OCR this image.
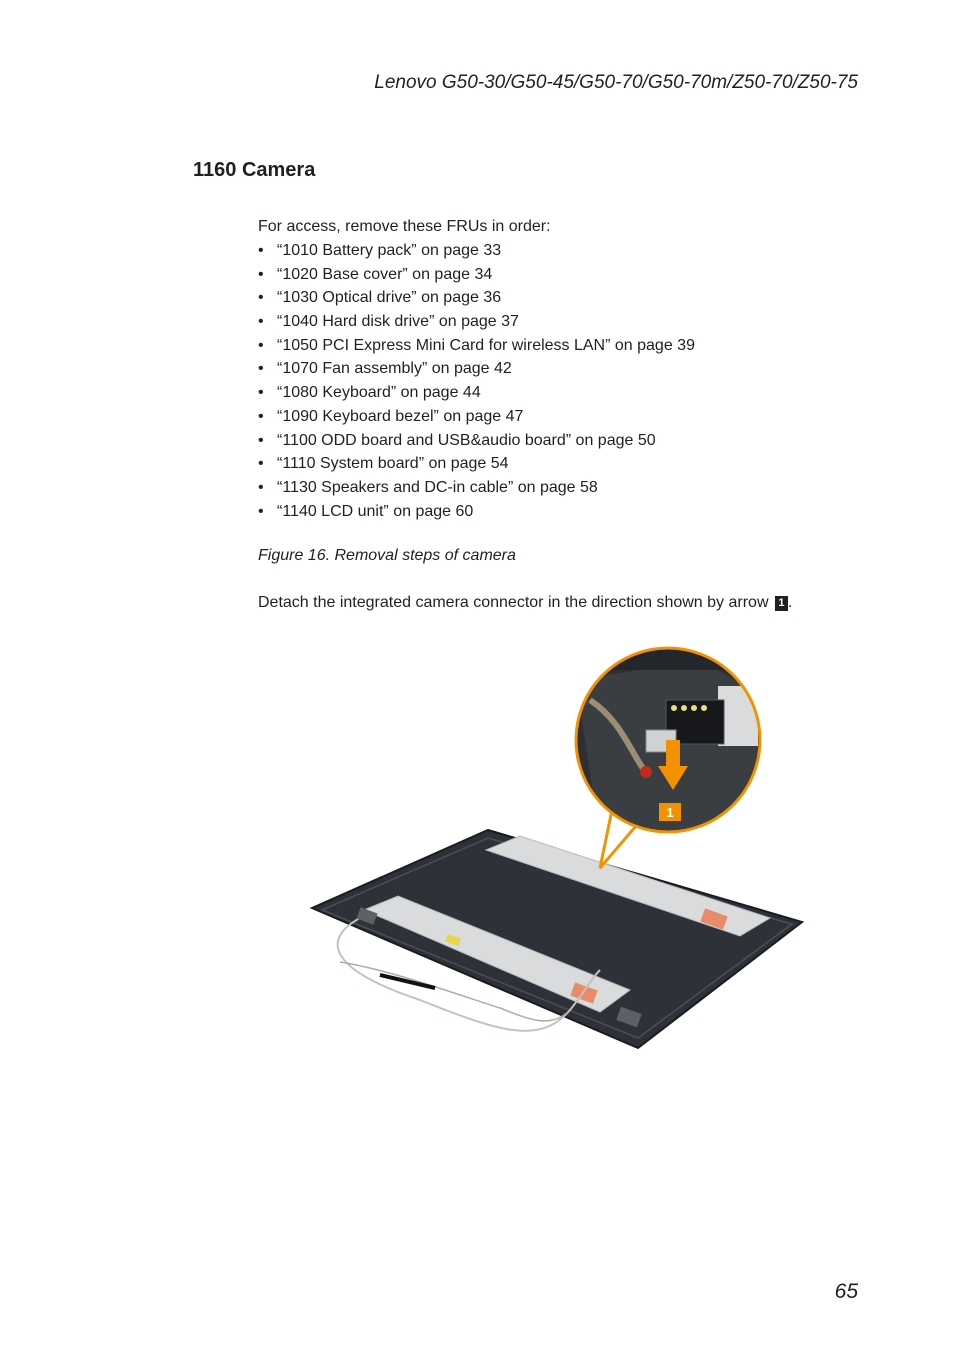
Lenovo G50-30/G50-45/G50-70/G50-70m/Z50-70/Z50-75
1160 Camera
For access, remove these FRUs in order:
• “1010 Battery pack” on page 33
• “1020 Base cover” on page 34
• “1030 Optical drive” on page 36
• “1040 Hard disk drive” on page 37
• “1050 PCI Express Mini Card for wireless LAN” on page 39
• “1070 Fan assembly” on page 42
• “1080 Keyboard” on page 44
• “1090 Keyboard bezel” on page 47
• “1100 ODD board and USB&audio board” on page 50
• “1110 System board” on page 54
• “1130 Speakers and DC-in cable” on page 58
• “1140 LCD unit” on page 60
Figure 16. Removal steps of camera
Detach the integrated camera connector in the direction shown by arrow 1 .
1
65
